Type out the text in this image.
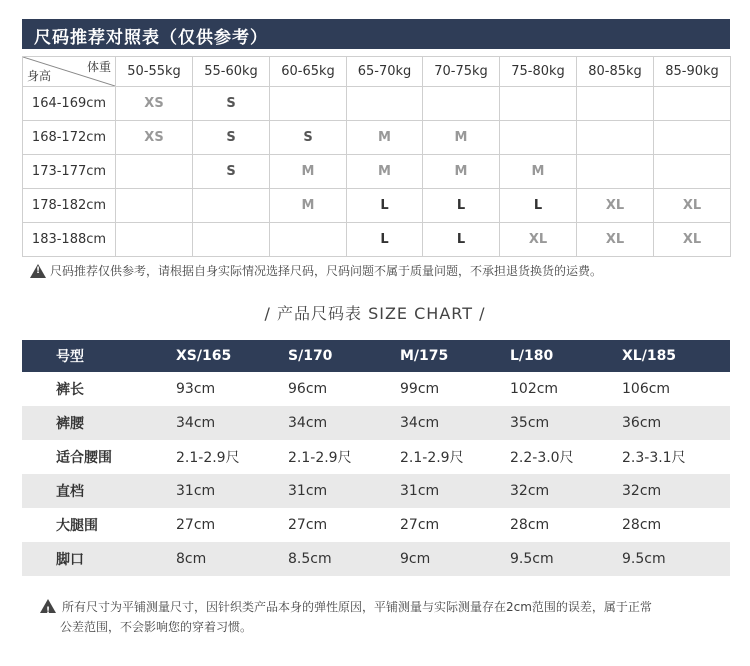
尺码推荐对照表（仅供参考）
体重
身高	50-55kg	55-60kg	60-65kg	65-70kg	70-75kg	75-80kg	80-85kg	85-90kg
164-169cm	XS	S						
168-172cm	XS	S	S	M	M			
173-177cm		S	M	M	M	M		
178-182cm			M	L	L	L	XL	XL
183-188cm				L	L	XL	XL	XL
!
尺码推荐仅供参考，请根据自身实际情况选择尺码，尺码问题不属于质量问题，不承担退货换货的运费。
/ 产品尺码表 SIZE CHART /
号型	XS/165	S/170	M/175	L/180	XL/185
裤长	93cm	96cm	99cm	102cm	106cm
裤腰	34cm	34cm	34cm	35cm	36cm
适合腰围	2.1-2.9尺	2.1-2.9尺	2.1-2.9尺	2.2-3.0尺	2.3-3.1尺
直档	31cm	31cm	31cm	32cm	32cm
大腿围	27cm	27cm	27cm	28cm	28cm
脚口	8cm	8.5cm	9cm	9.5cm	9.5cm
!所有尺寸为平铺测量尺寸，因针织类产品本身的弹性原因，平铺测量与实际测量存在2cm范围的误差，属于正常
公差范围，不会影响您的穿着习惯。
